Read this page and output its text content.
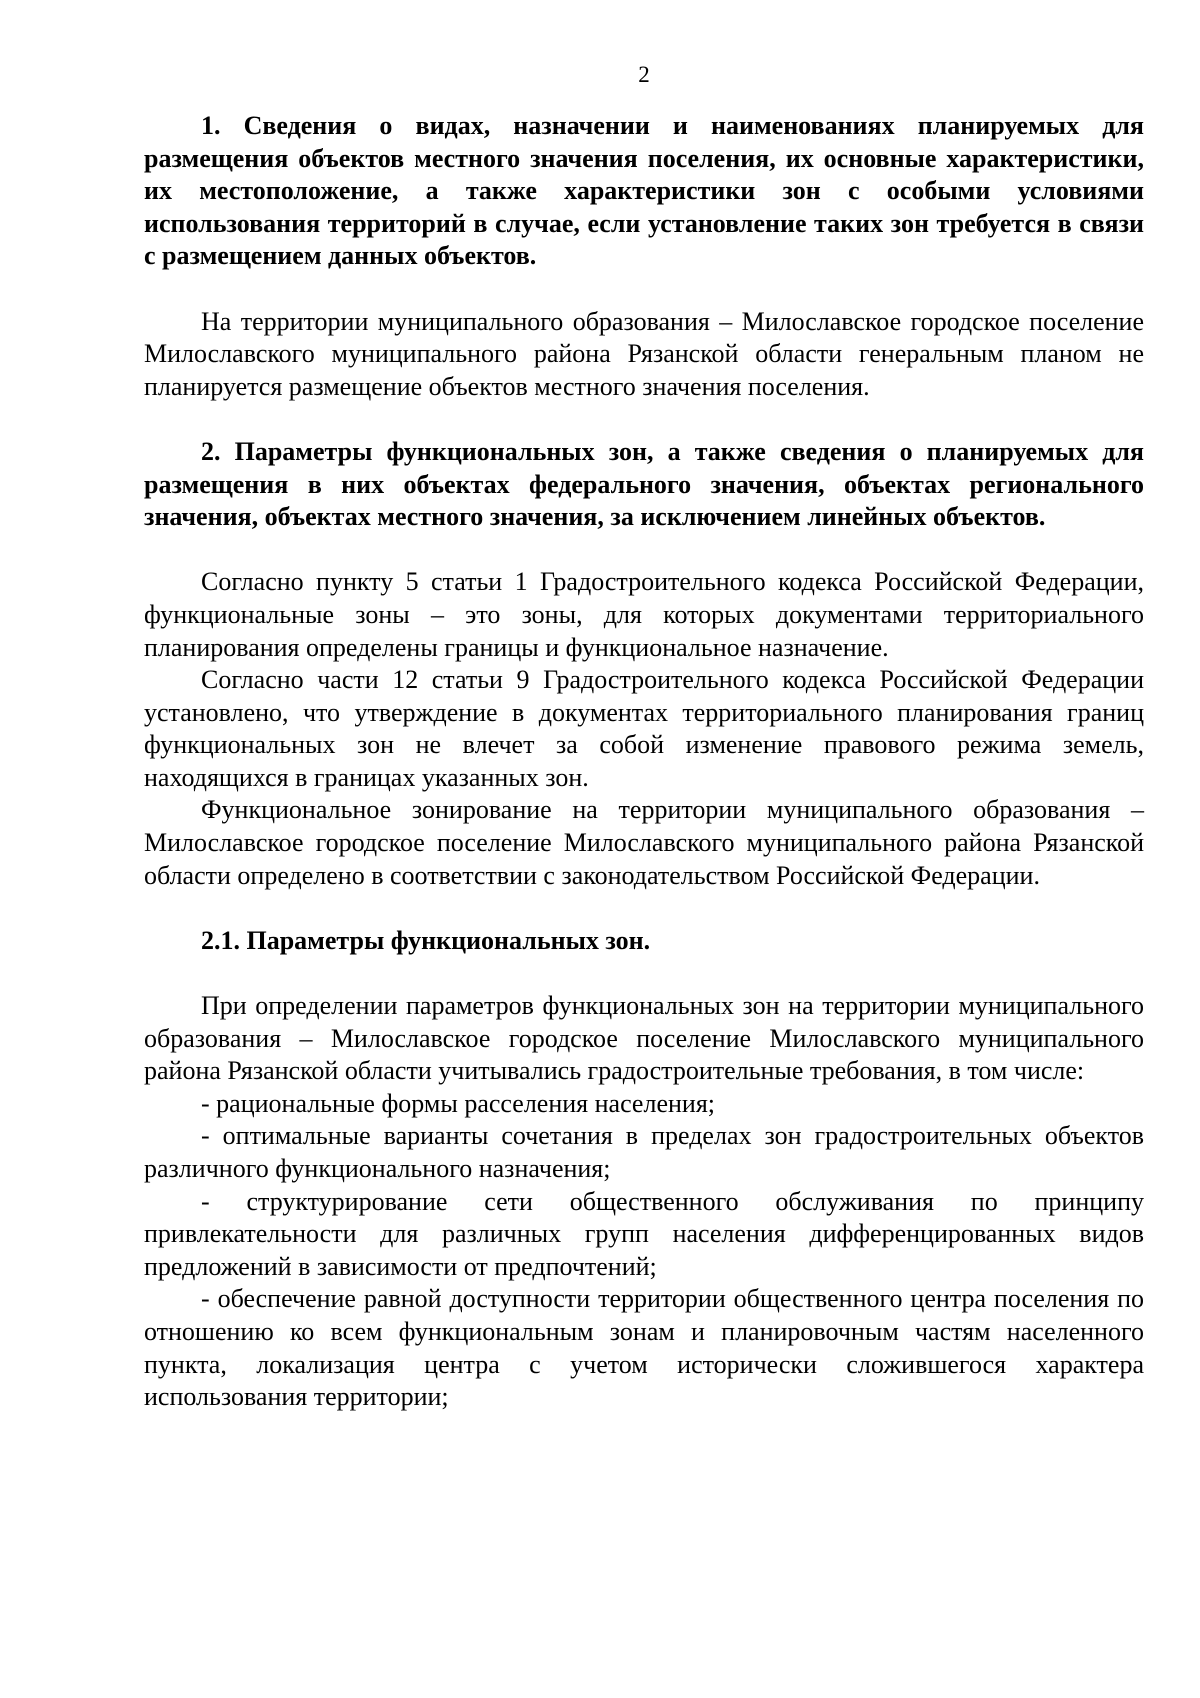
2

1. Сведения о видах, назначении и наименованиях планируемых для размещения объектов местного значения поселения, их основные характеристики, их местоположение, а также характеристики зон с особыми условиями использования территорий в случае, если установление таких зон требуется в связи с размещением данных объектов.

На территории муниципального образования – Милославское городское поселение Милославского муниципального района Рязанской области генеральным планом не планируется размещение объектов местного значения поселения.

2. Параметры функциональных зон, а также сведения о планируемых для размещения в них объектах федерального значения, объектах регионального значения, объектах местного значения, за исключением линейных объектов.

Согласно пункту 5 статьи 1 Градостроительного кодекса Российской Федерации, функциональные зоны – это зоны, для которых документами территориального планирования определены границы и функциональное назначение.

Согласно части 12 статьи 9 Градостроительного кодекса Российской Федерации установлено, что утверждение в документах территориального планирования границ функциональных зон не влечет за собой изменение правового режима земель, находящихся в границах указанных зон.

Функциональное зонирование на территории муниципального образования – Милославское городское поселение Милославского муниципального района Рязанской области определено в соответствии с законодательством Российской Федерации.

2.1. Параметры функциональных зон.

При определении параметров функциональных зон на территории муниципального образования – Милославское городское поселение Милославского муниципального района Рязанской области учитывались градостроительные требования, в том числе:

- рациональные формы расселения населения;

- оптимальные варианты сочетания в пределах зон градостроительных объектов различного функционального назначения;

- структурирование сети общественного обслуживания по принципу привлекательности для различных групп населения дифференцированных видов предложений в зависимости от предпочтений;

- обеспечение равной доступности территории общественного центра поселения по отношению ко всем функциональным зонам и планировочным частям населенного пункта, локализация центра с учетом исторически сложившегося характера использования территории;
